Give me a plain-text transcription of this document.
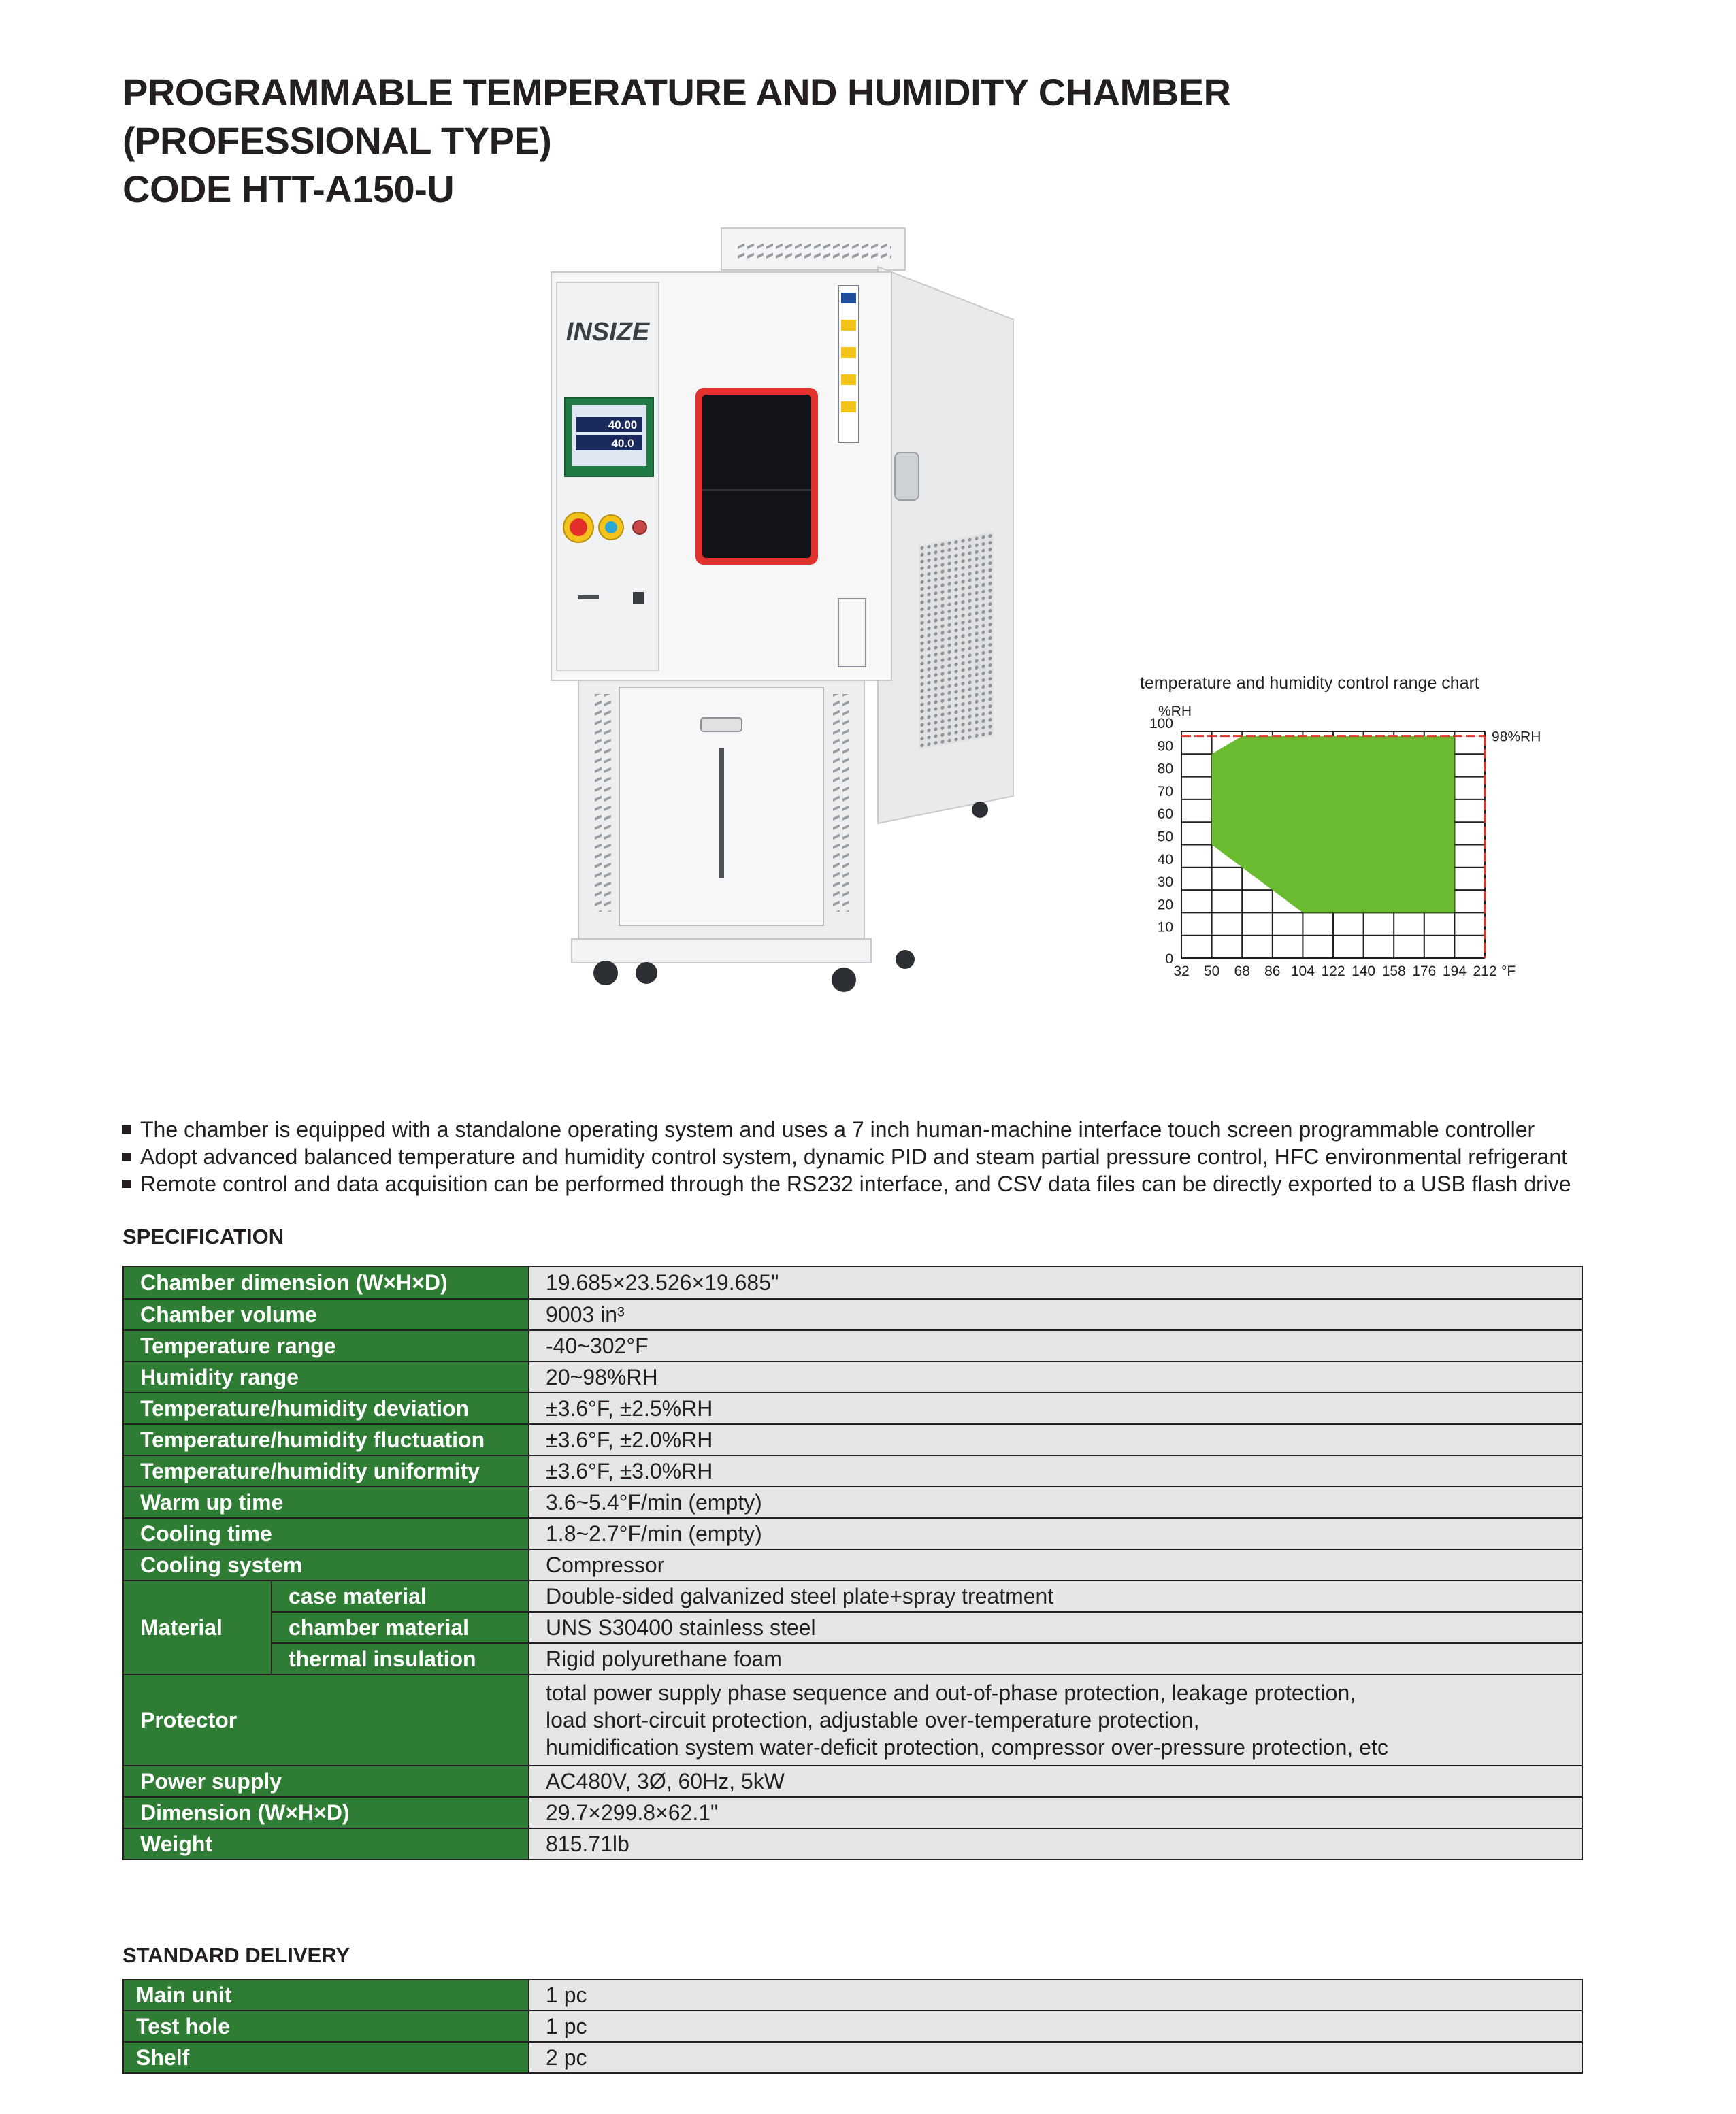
PROGRAMMABLE TEMPERATURE AND HUMIDITY CHAMBER
(PROFESSIONAL TYPE)
CODE HTT-A150-U
INSIZE
40.00
40.0
temperature and humidity control range chart
%RH
0
10
20
30
40
50
60
70
80
90
100
32 50 68 86 104 122 140 158 176 194 212 °F
98%RH
The chamber is equipped with a standalone operating system and uses a 7 inch human-machine interface touch screen programmable controller
Adopt advanced balanced temperature and humidity control system, dynamic PID and steam partial pressure control, HFC environmental refrigerant
Remote control and data acquisition can be performed through the RS232 interface, and CSV data files can be directly exported to a USB flash drive
SPECIFICATION
Chamber dimension (W×H×D)		19.685×23.526×19.685"
Chamber volume		9003 in³
Temperature range		-40~302°F
Humidity range		20~98%RH
Temperature/humidity deviation		±3.6°F, ±2.5%RH
Temperature/humidity fluctuation		±3.6°F, ±2.0%RH
Temperature/humidity uniformity		±3.6°F, ±3.0%RH
Warm up time		3.6~5.4°F/min (empty)
Cooling time		1.8~2.7°F/min (empty)
Cooling system		Compressor
Material	case material	Double-sided galvanized steel plate+spray treatment
	chamber material	UNS S30400 stainless steel
	thermal insulation	Rigid polyurethane foam
Protector		total power supply phase sequence and out-of-phase protection, leakage protection,
load short-circuit protection, adjustable over-temperature protection,
humidification system water-deficit protection, compressor over-pressure protection, etc

Power supply		AC480V, 3Ø, 60Hz, 5kW
Dimension (W×H×D)		29.7×299.8×62.1"
Weight		815.71lb
STANDARD DELIVERY
Main unit	1 pc
Test hole	1 pc
Shelf	2 pc
